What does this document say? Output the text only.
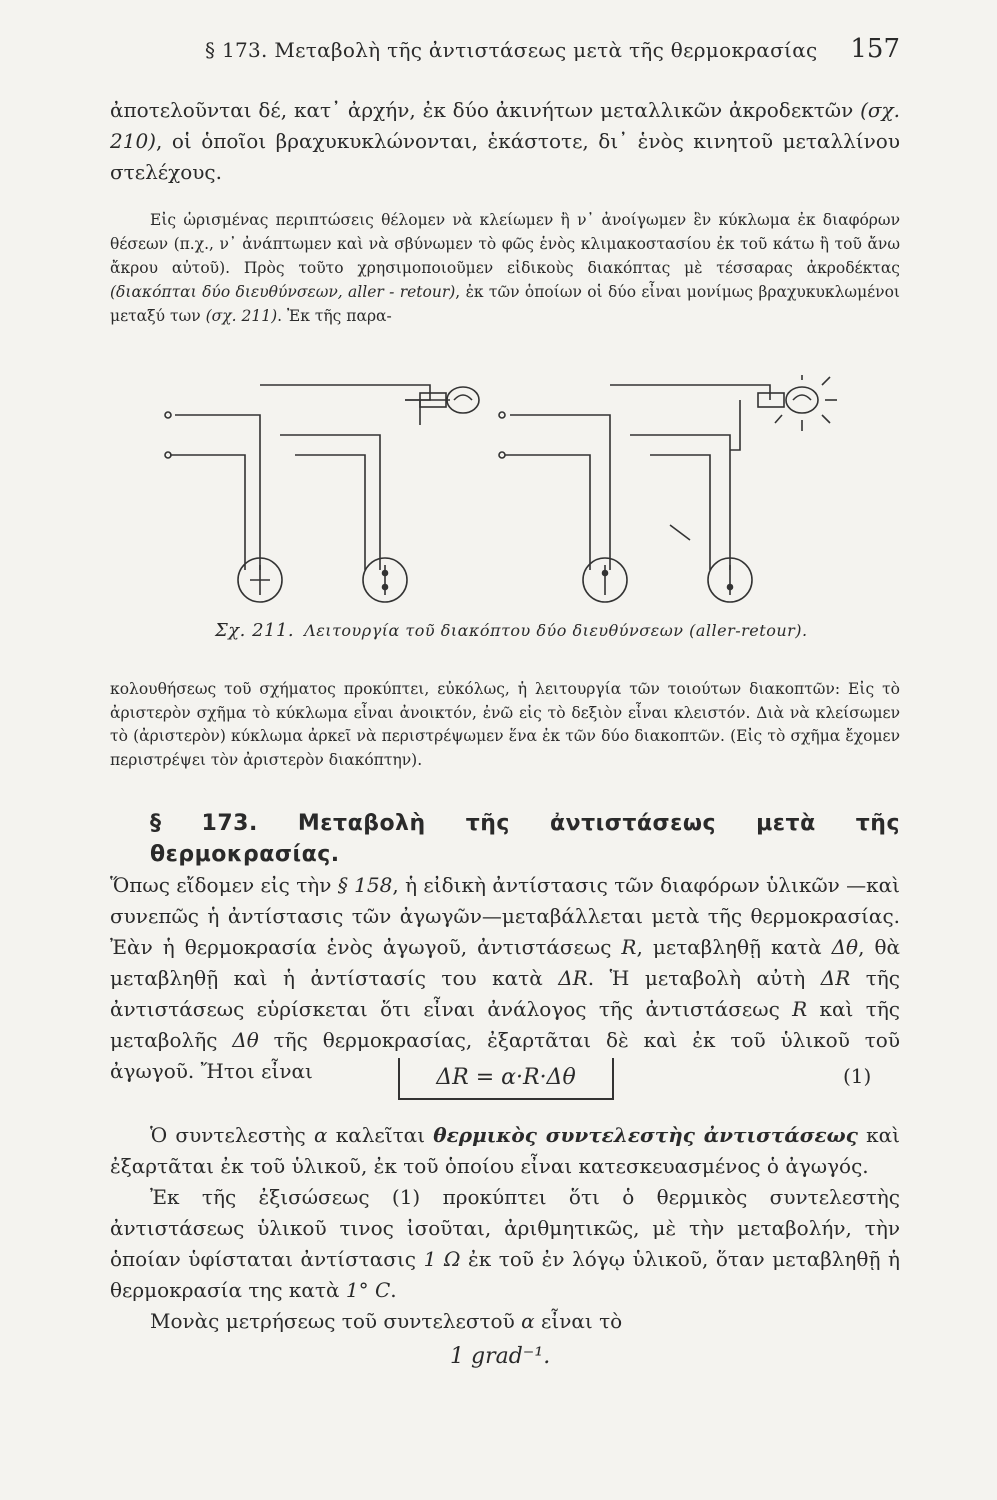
§ 173. Μεταβολὴ τῆς ἀντιστάσεως μετὰ τῆς θερμοκρασίας 157
ἀποτελοῦνται δέ, κατ᾽ ἀρχήν, ἐκ δύο ἀκινήτων μεταλλικῶν ἀκροδεκτῶν (σχ. 210), οἱ ὁποῖοι βραχυκυκλώνονται, ἑκάστοτε, δι᾽ ἑνὸς κινητοῦ μεταλλίνου στελέχους.
Εἰς ὡρισμένας περιπτώσεις θέλομεν νὰ κλείωμεν ἢ ν᾽ ἀνοίγωμεν ἓν κύκλωμα ἐκ διαφόρων θέσεων (π.χ., ν᾽ ἀνάπτωμεν καὶ νὰ σβύνωμεν τὸ φῶς ἑνὸς κλιμακοστασίου ἐκ τοῦ κάτω ἢ τοῦ ἄνω ἄκρου αὐτοῦ). Πρὸς τοῦτο χρησιμοποιοῦμεν εἰδικοὺς διακόπτας μὲ τέσσαρας ἀκροδέκτας (διακόπται δύο διευθύνσεων, aller - retour), ἐκ τῶν ὁποίων οἱ δύο εἶναι μονίμως βραχυκυκλωμένοι μεταξύ των (σχ. 211). Ἐκ τῆς παρα-
Σχ. 211. Λειτουργία τοῦ διακόπτου δύο διευθύνσεων (aller-retour).
κολουθήσεως τοῦ σχήματος προκύπτει, εὐκόλως, ἡ λειτουργία τῶν τοιούτων διακοπτῶν: Εἰς τὸ ἀριστερὸν σχῆμα τὸ κύκλωμα εἶναι ἀνοικτόν, ἐνῶ εἰς τὸ δεξιὸν εἶναι κλειστόν. Διὰ νὰ κλείσωμεν τὸ (ἀριστερὸν) κύκλωμα ἀρκεῖ νὰ περιστρέψωμεν ἕνα ἐκ τῶν δύο διακοπτῶν. (Εἰς τὸ σχῆμα ἔχομεν περιστρέψει τὸν ἀριστερὸν διακόπτην).
§ 173. Μεταβολὴ τῆς ἀντιστάσεως μετὰ τῆς θερμοκρασίας.
Ὅπως εἴδομεν εἰς τὴν § 158, ἡ εἰδικὴ ἀντίστασις τῶν διαφόρων ὑλικῶν —καὶ συνεπῶς ἡ ἀντίστασις τῶν ἀγωγῶν—μεταβάλλεται μετὰ τῆς θερμοκρασίας. Ἐὰν ἡ θερμοκρασία ἑνὸς ἀγωγοῦ, ἀντιστάσεως R, μεταβληθῇ κατὰ Δθ, θὰ μεταβληθῇ καὶ ἡ ἀντίστασίς του κατὰ ΔR. Ἡ μεταβολὴ αὐτὴ ΔR τῆς ἀντιστάσεως εὑρίσκεται ὅτι εἶναι ἀνάλογος τῆς ἀντιστάσεως R καὶ τῆς μεταβολῆς Δθ τῆς θερμοκρασίας, ἐξαρτᾶται δὲ καὶ ἐκ τοῦ ὑλικοῦ τοῦ ἀγωγοῦ. Ἤτοι εἶναι	ΔR = α·R·Δθ	(1)
Ὁ συντελεστὴς α καλεῖται θερμικὸς συντελεστὴς ἀντιστάσεως καὶ ἐξαρτᾶται ἐκ τοῦ ὑλικοῦ, ἐκ τοῦ ὁποίου εἶναι κατεσκευασμένος ὁ ἀγωγός.
Ἐκ τῆς ἐξισώσεως (1) προκύπτει ὅτι ὁ θερμικὸς συντελεστὴς ἀντιστάσεως ὑλικοῦ τινος ἰσοῦται, ἀριθμητικῶς, μὲ τὴν μεταβολήν, τὴν ὁποίαν ὑφίσταται ἀντίστασις 1 Ω ἐκ τοῦ ἐν λόγῳ ὑλικοῦ, ὅταν μεταβληθῇ ἡ θερμοκρασία της κατὰ 1° C.
Μονὰς μετρήσεως τοῦ συντελεστοῦ α εἶναι τὸ
1 grad⁻¹.
